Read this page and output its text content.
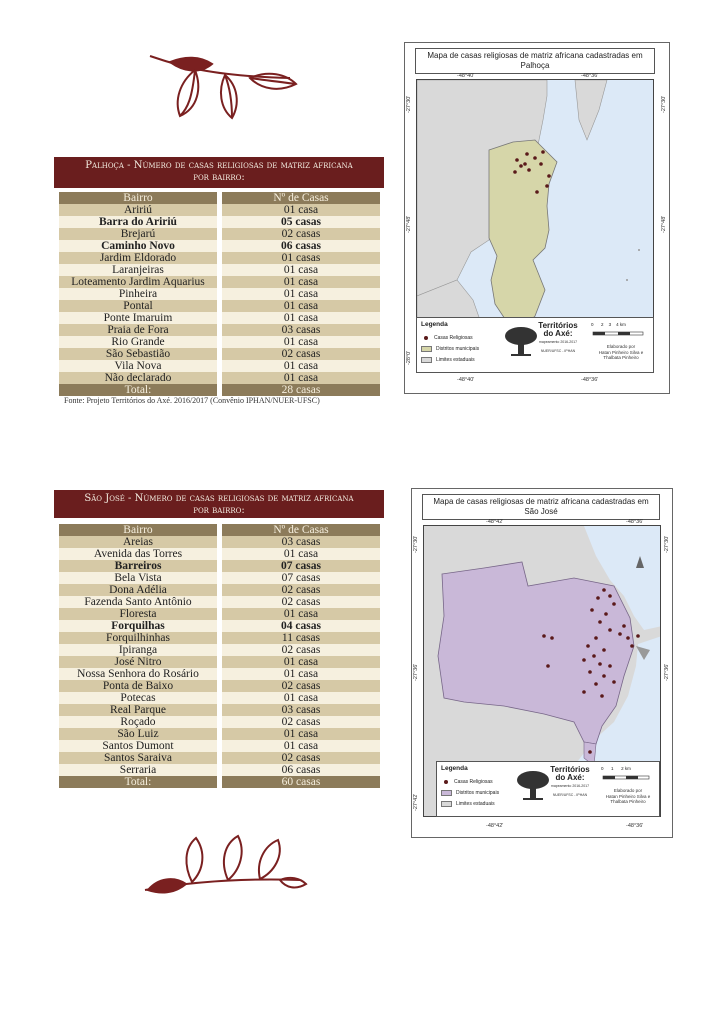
Palhoça - Número de casas religiosas de matriz africana
por bairro:
Bairro	Nº de Casas
Aririú	01 casa
Barra do Aririú	05 casas
Brejarú	02 casas
Caminho Novo	06 casas
Jardim Eldorado	01 casas
Laranjeiras	01 casa
Loteamento Jardim Aquarius	01 casa
Pinheira	01 casa
Pontal	01 casa
Ponte Imaruim	01 casa
Praia de Fora	03 casas
Rio Grande	01 casa
São Sebastião	02 casas
Vila Nova	01 casa
Não declarado	01 casa
Total:	28 casas
Fonte: Projeto Territórios do Axé. 2016/2017 (Convênio IPHAN/NUER-UFSC)
São José - Número de casas religiosas de matriz africana
por bairro:
Bairro	Nº de Casas
Areias	03 casas
Avenida das Torres	01 casa
Barreiros	07 casas
Bela Vista	07 casas
Dona Adélia	02 casas
Fazenda Santo Antônio	02 casas
Floresta	01 casa
Forquilhas	04 casas
Forquilhinhas	11 casas
Ipiranga	02 casas
José Nitro	01 casa
Nossa Senhora do Rosário	01 casa
Ponta de Baixo	02 casas
Potecas	01 casa
Real Parque	03 casas
Roçado	02 casas
São Luiz	01 casa
Santos Dumont	01 casa
Santos Saraiva	02 casas
Serraria	06 casas
Total:	60 casas
Mapa de casas religiosas de matriz africana cadastradas em
Palhoça
-48°40'	-48°36'
-48°40'	-48°36'
-27°30'
-27°48'
-28°0'
-27°30'
-27°48'
Legenda
Casas Religiosas
Distritos municipais
Limites estaduais
Territórios
do Axé:
mapeamento 2016-2017
NUER/UFSC - IPHAN
0 2 3 4 km
Elaborado por
Hatan Pinheiro Silva e
Thalbata Pinheiro
Mapa de casas religiosas de matriz africana cadastradas em
São José
-48°42'	-48°36'
-48°42'	-48°36'
-27°30'
-27°36'
-27°42'
-27°30'
-27°36'
Legenda
Casas Religiosas
Distritos municipais
Limites estaduais
Territórios
do Axé:
mapeamento 2016-2017
NUER/UFSC - IPHAN
0 1 2 km
Elaborado por
Hatan Pinheiro Silva e
Thalbata Pinheiro
